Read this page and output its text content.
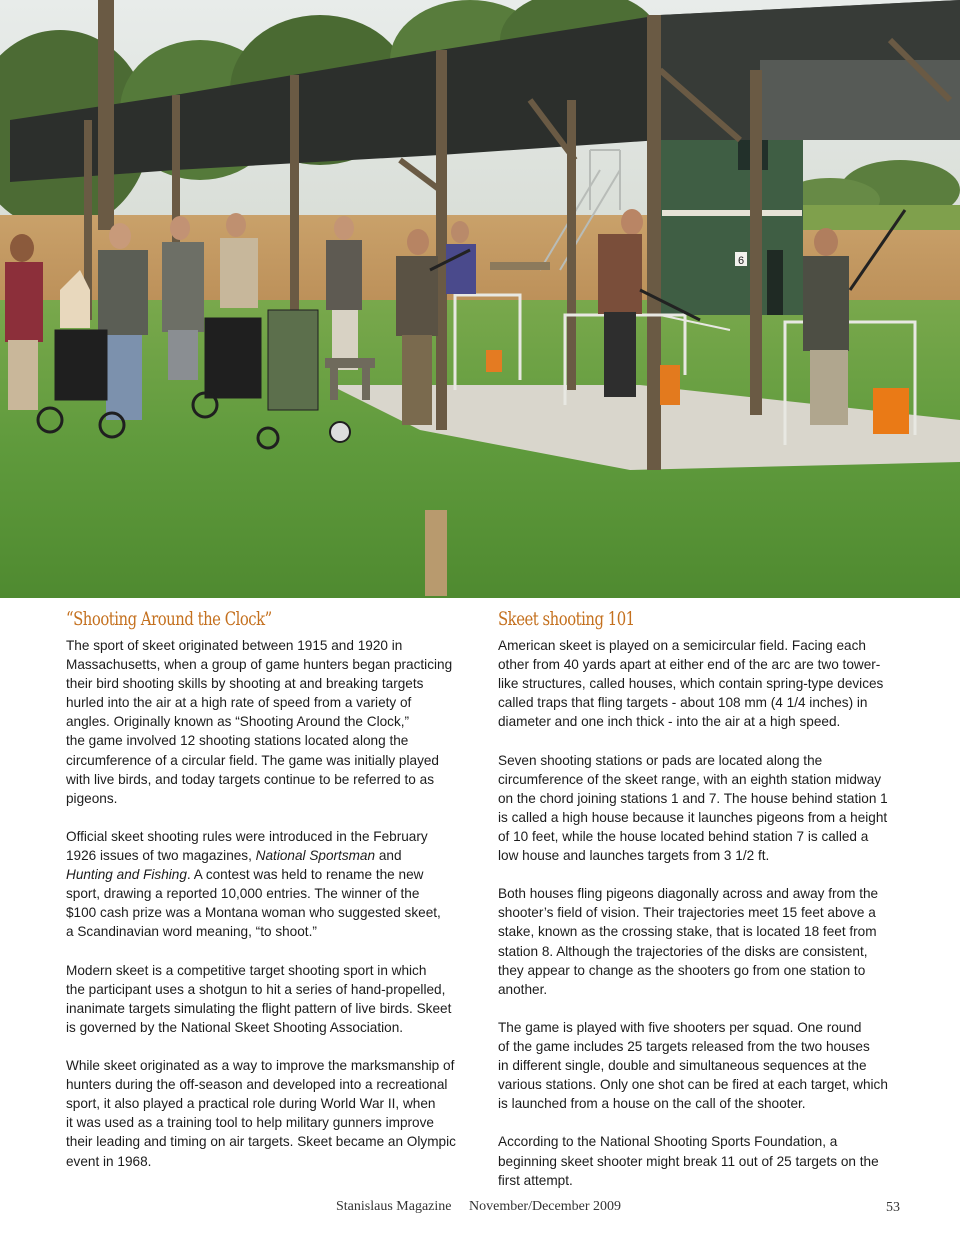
6
“Shooting Around the Clock”
The sport of skeet originated between 1915 and 1920 in
Massachusetts, when a group of game hunters began practicing
their bird shooting skills by shooting at and breaking targets
hurled into the air at a high rate of speed from a variety of
angles. Originally known as “Shooting Around the Clock,”
the game involved 12 shooting stations located along the
circumference of a circular field. The game was initially played
with live birds, and today targets continue to be referred to as
pigeons.
Official skeet shooting rules were introduced in the February
1926 issues of two magazines, National Sportsman and
Hunting and Fishing. A contest was held to rename the new
sport, drawing a reported 10,000 entries. The winner of the
$100 cash prize was a Montana woman who suggested skeet,
a Scandinavian word meaning, “to shoot.”
Modern skeet is a competitive target shooting sport in which
the participant uses a shotgun to hit a series of hand-propelled,
inanimate targets simulating the flight pattern of live birds. Skeet
is governed by the National Skeet Shooting Association.
While skeet originated as a way to improve the marksmanship of
hunters during the off-season and developed into a recreational
sport, it also played a practical role during World War II, when
it was used as a training tool to help military gunners improve
their leading and timing on air targets. Skeet became an Olympic
event in 1968.
Skeet shooting 101
American skeet is played on a semicircular field. Facing each
other from 40 yards apart at either end of the arc are two tower-
like structures, called houses, which contain spring-type devices
called traps that fling targets - about 108 mm (4 1/4 inches) in
diameter and one inch thick - into the air at a high speed.
Seven shooting stations or pads are located along the
circumference of the skeet range, with an eighth station midway
on the chord joining stations 1 and 7. The house behind station 1
is called a high house because it launches pigeons from a height
of 10 feet, while the house located behind station 7 is called a
low house and launches targets from 3 1/2 ft.
Both houses fling pigeons diagonally across and away from the
shooter’s field of vision. Their trajectories meet 15 feet above a
stake, known as the crossing stake, that is located 18 feet from
station 8. Although the trajectories of the disks are consistent,
they appear to change as the shooters go from one station to
another.
The game is played with five shooters per squad. One round
of the game includes 25 targets released from the two houses
in different single, double and simultaneous sequences at the
various stations. Only one shot can be fired at each target, which
is launched from a house on the call of the shooter.
According to the National Shooting Sports Foundation, a
beginning skeet shooter might break 11 out of 25 targets on the
first attempt.
Stanislaus Magazine November/December 2009	53
